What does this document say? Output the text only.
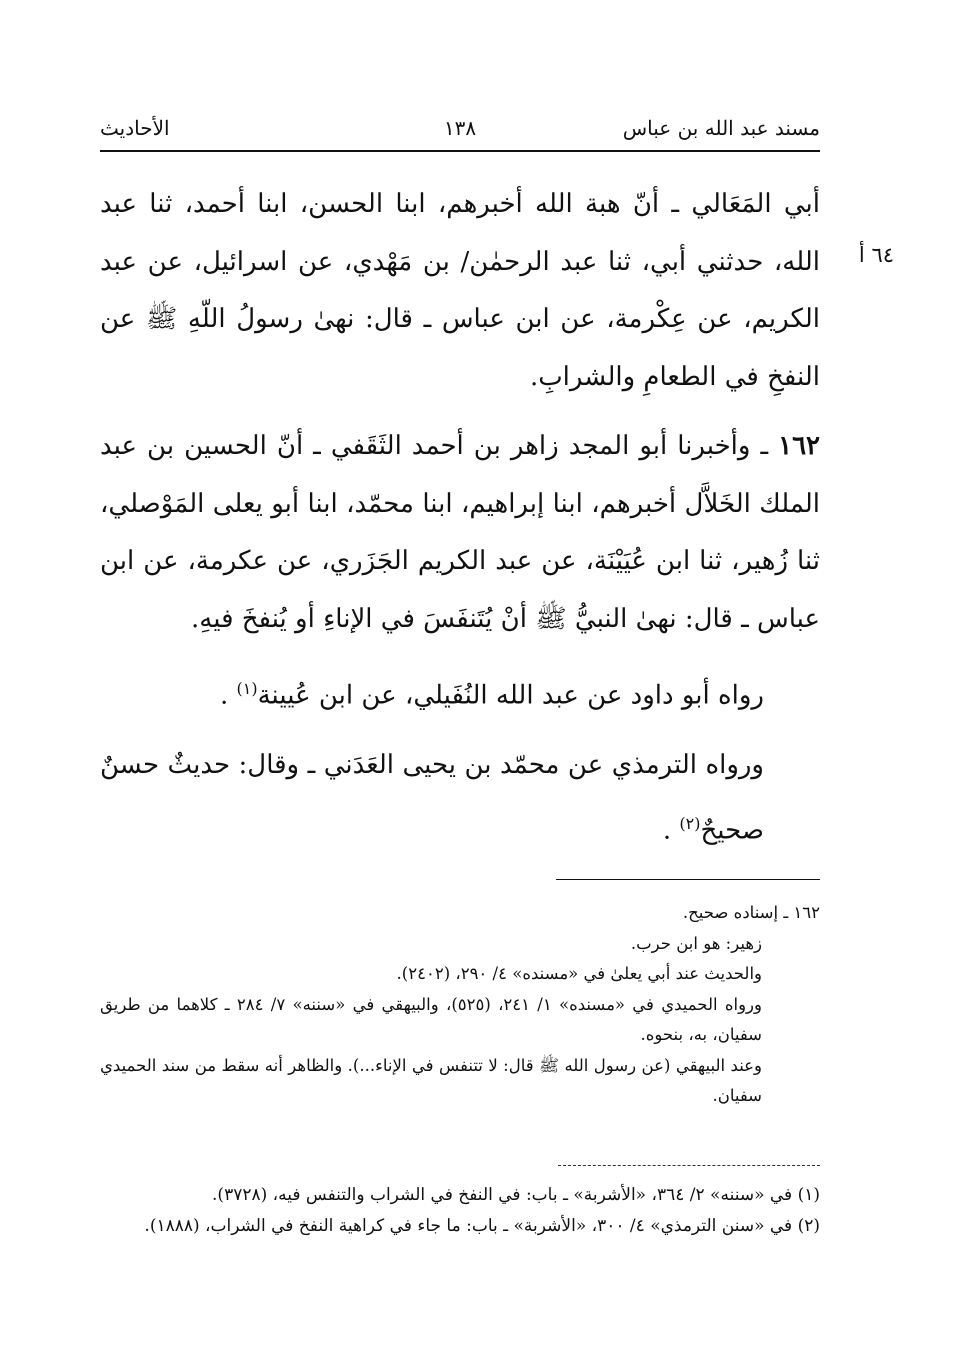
مسند عبد الله بن عباس
١٣٨
الأحاديث
٦٤ أ

أبي المَعَالي ـ أنّ هبة الله أخبرهم، ابنا الحسن، ابنا أحمد، ثنا عبد الله، حدثني أبي، ثنا عبد الرحمٰن/ بن مَهْدي، عن اسرائيل، عن عبد الكريم، عن عِكْرمة، عن ابن عباس ـ قال: نهىٰ رسولُ اللّهِ ﷺ عن النفخِ في الطعامِ والشرابِ.

١٦٢ ـ وأخبرنا أبو المجد زاهر بن أحمد الثَقَفي ـ أنّ الحسين بن عبد الملك الخَلاَّل أخبرهم، ابنا إبراهيم، ابنا محمّد، ابنا أبو يعلى المَوْصلي، ثنا زُهير، ثنا ابن عُيَيْنَة، عن عبد الكريم الجَزَري، عن عكرمة، عن ابن عباس ـ قال: نهىٰ النبيُّ ﷺ أنْ يُتَنفَسَ في الإناءِ أو يُنفخَ فيهِ.

رواه أبو داود عن عبد الله النُفَيلي، عن ابن عُيينة$^{(١)}$ .

ورواه الترمذي عن محمّد بن يحيى العَدَني ـ وقال: حديثٌ حسنٌ صحيحٌ$^{(٢)}$ .

١٦٢ ـ إسناده صحيح.

زهير: هو ابن حرب.

والحديث عند أبي يعلىٰ في «مسنده» ٤/ ٢٩٠، (٢٤٠٢).

ورواه الحميدي في «مسنده» ١/ ٢٤١، (٥٢٥)، والبيهقي في «سننه» ٧/ ٢٨٤ ـ كلاهما من طريق سفيان، به، بنحوه.

وعند البيهقي (عن رسول الله ﷺ قال: لا تتنفس في الإناء...). والظاهر أنه سقط من سند الحميدي سفيان.

(١) في «سننه» ٢/ ٣٦٤، «الأشربة» ـ باب: في النفخ في الشراب والتنفس فيه، (٣٧٢٨).

(٢) في «سنن الترمذي» ٤/ ٣٠٠، «الأشربة» ـ باب: ما جاء في كراهية النفخ في الشراب، (١٨٨٨).
